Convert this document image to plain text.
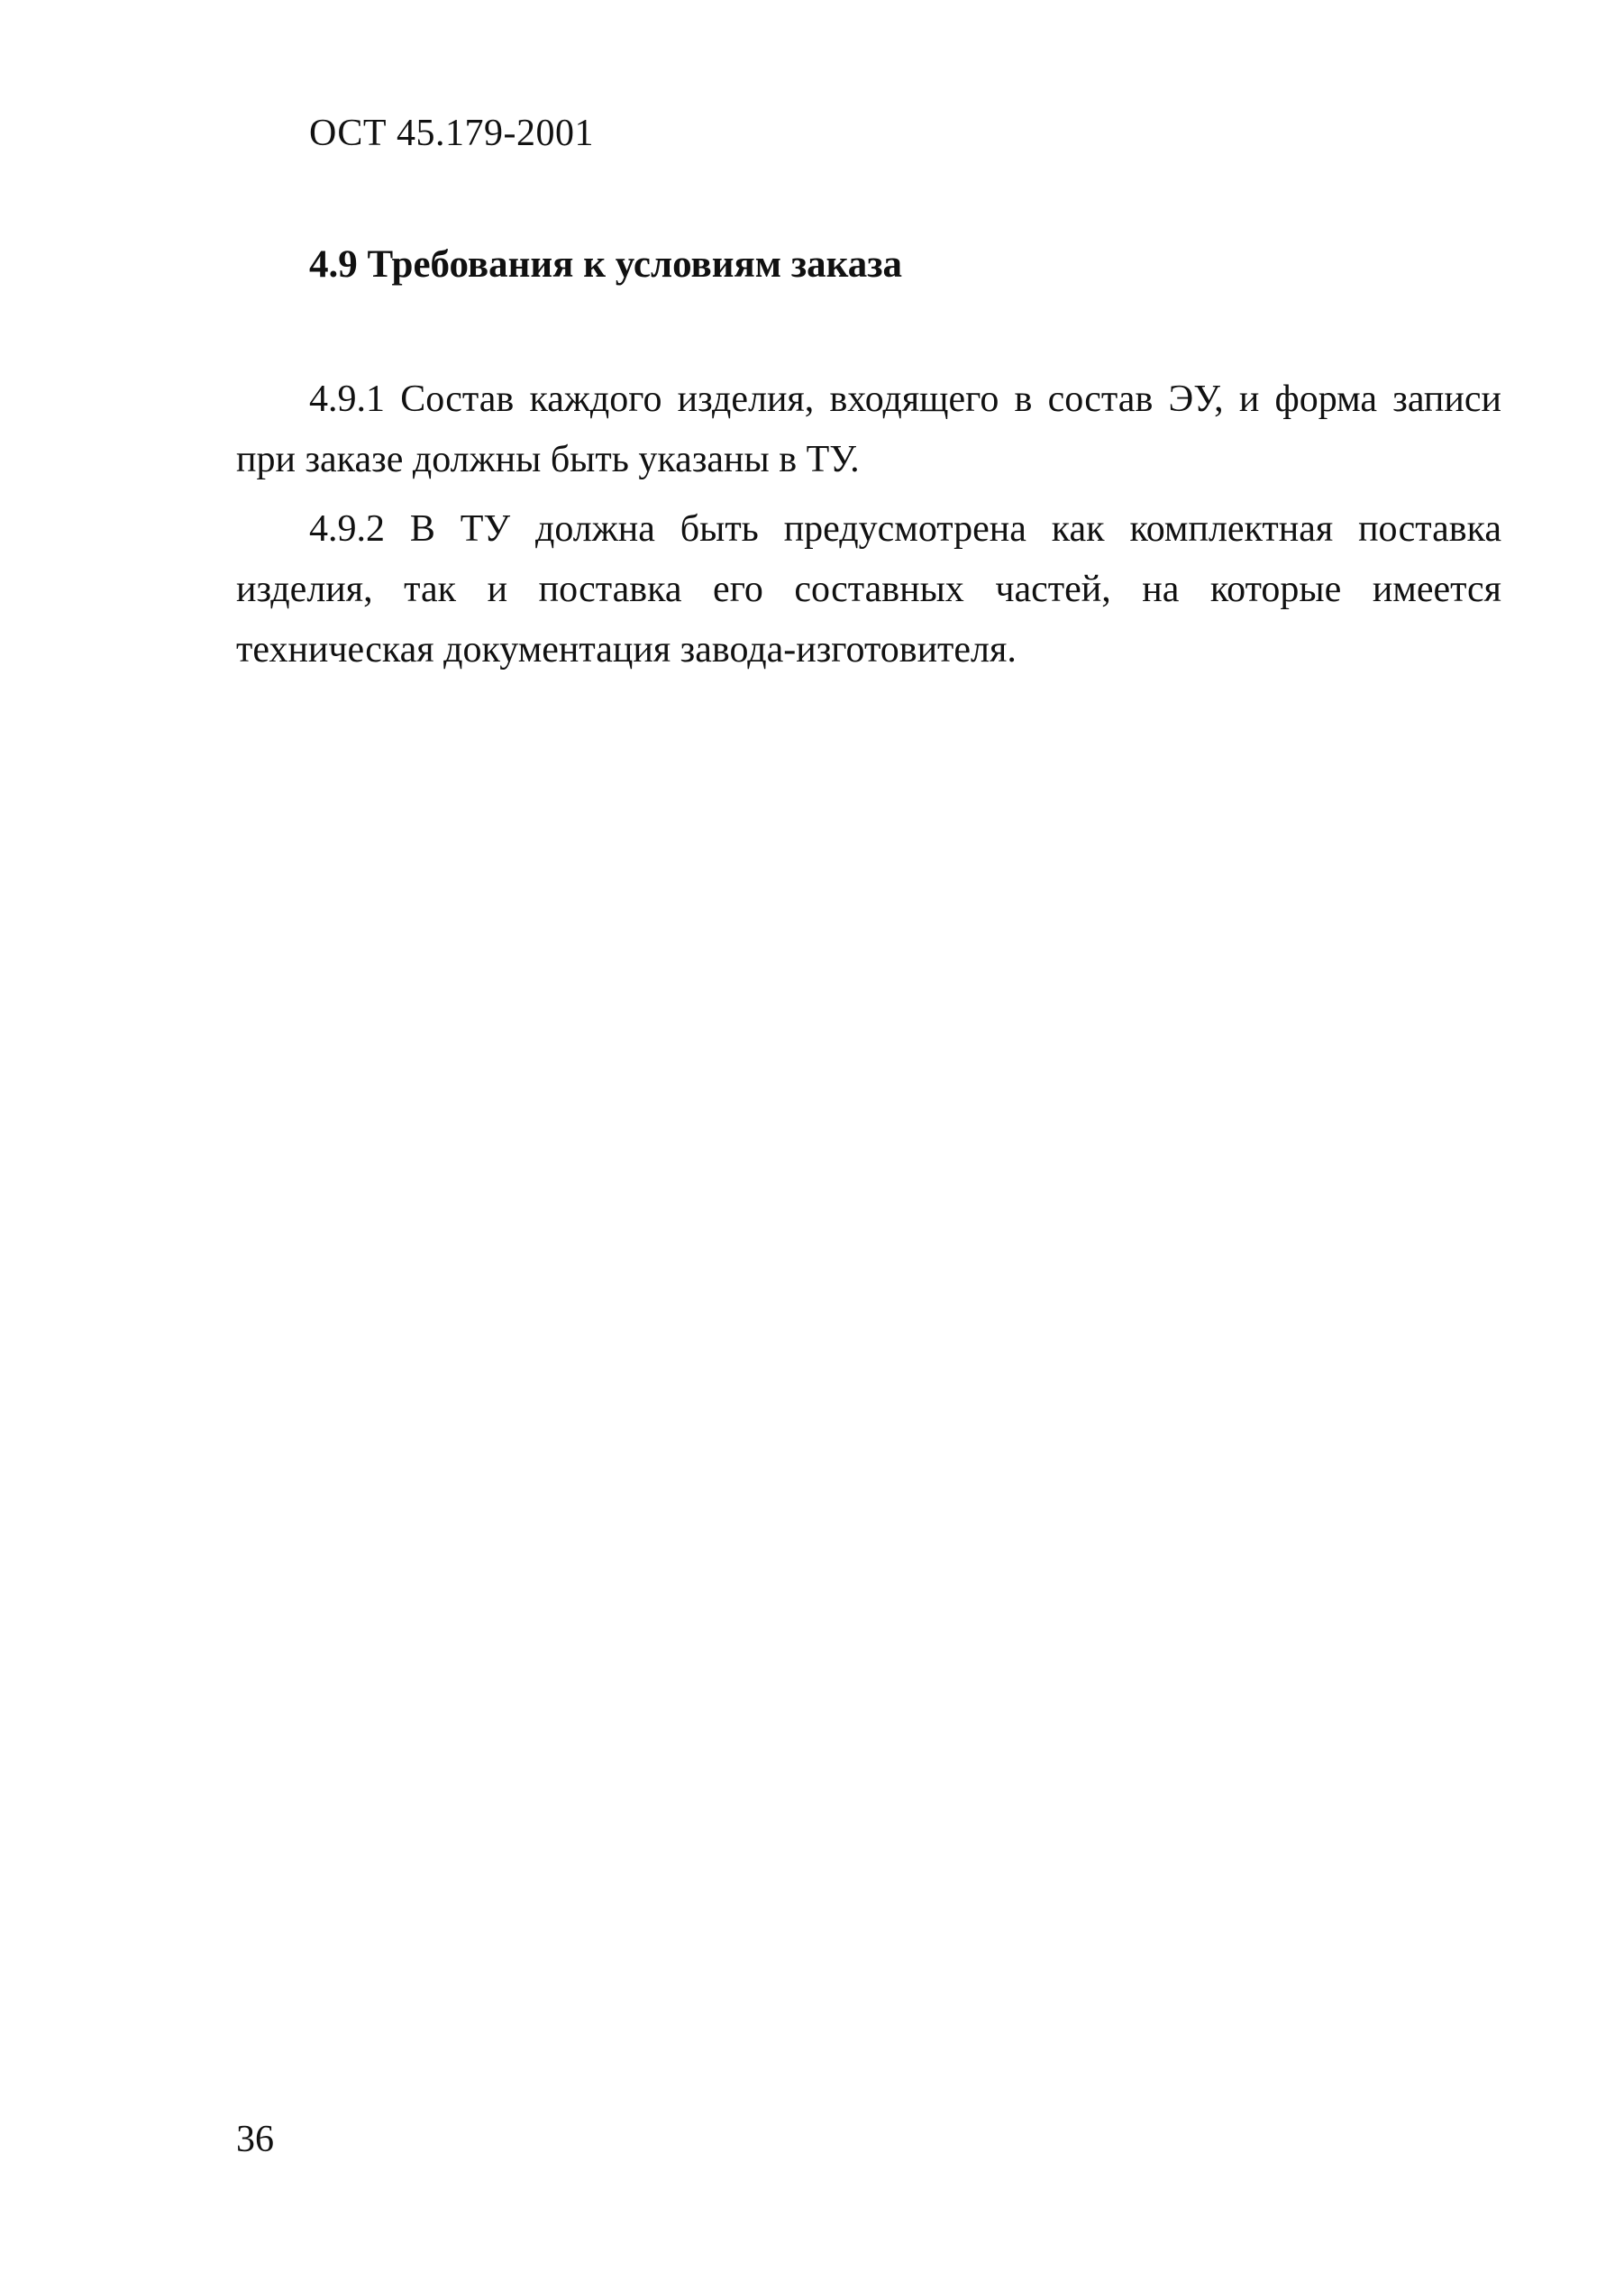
ОСТ 45.179-2001
4.9 Требования к условиям заказа
4.9.1 Состав каждого изделия, входящего в состав ЭУ, и форма записи
при заказе должны быть указаны в ТУ.
4.9.2 В ТУ должна быть предусмотрена как комплектная поставка
изделия, так и поставка его составных частей, на которые имеется
техническая документация завода-изготовителя.
36
